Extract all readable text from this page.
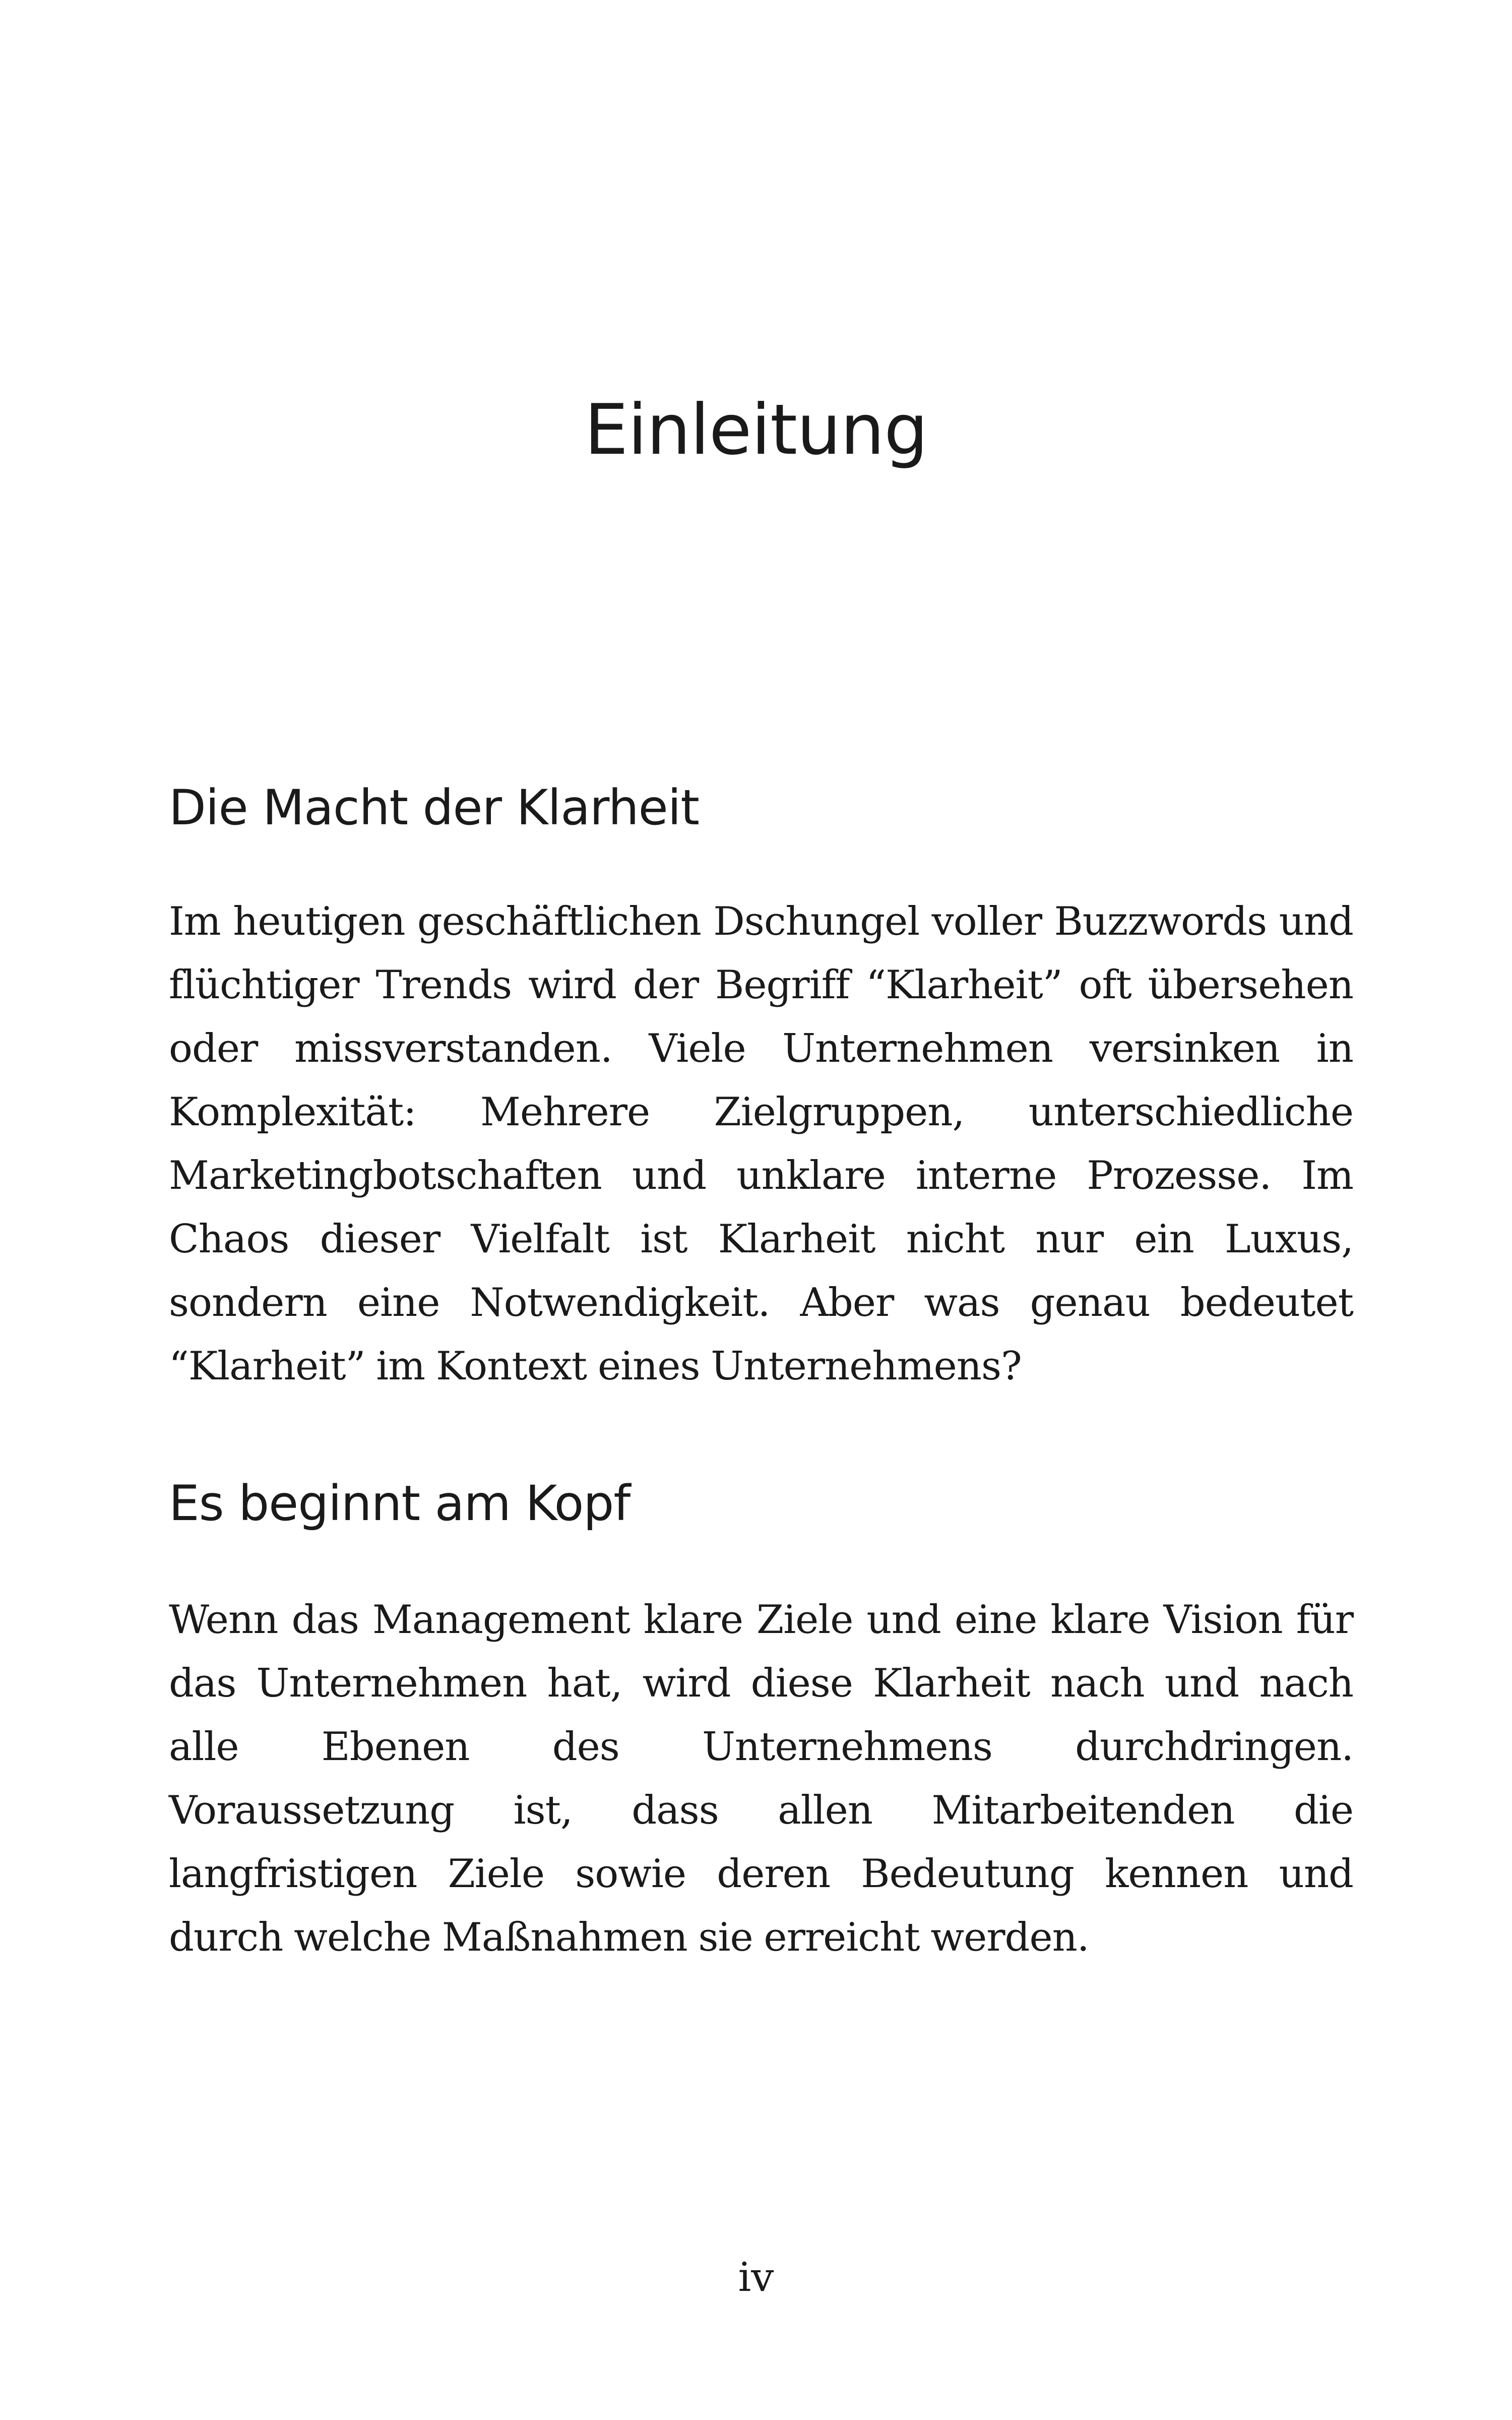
Einleitung
Die Macht der Klarheit

Im heutigen geschäftlichen Dschungel voller Buzzwords und flüchtiger Trends wird der Begriff “Klarheit” oft übersehen oder missverstanden. Viele Unternehmen versinken in Komplexität: Mehrere Zielgruppen, unterschiedliche Marketingbotschaften und unklare interne Prozesse. Im Chaos dieser Vielfalt ist Klarheit nicht nur ein Luxus, sondern eine Notwendigkeit. Aber was genau bedeutet “Klarheit” im Kontext eines Unternehmens?

Es beginnt am Kopf

Wenn das Management klare Ziele und eine klare Vision für das Unternehmen hat, wird diese Klarheit nach und nach alle Ebenen des Unternehmens durchdringen. Voraussetzung ist, dass allen Mitarbeitenden die langfristigen Ziele sowie deren Bedeutung kennen und durch welche Maßnahmen sie erreicht werden.

iv
